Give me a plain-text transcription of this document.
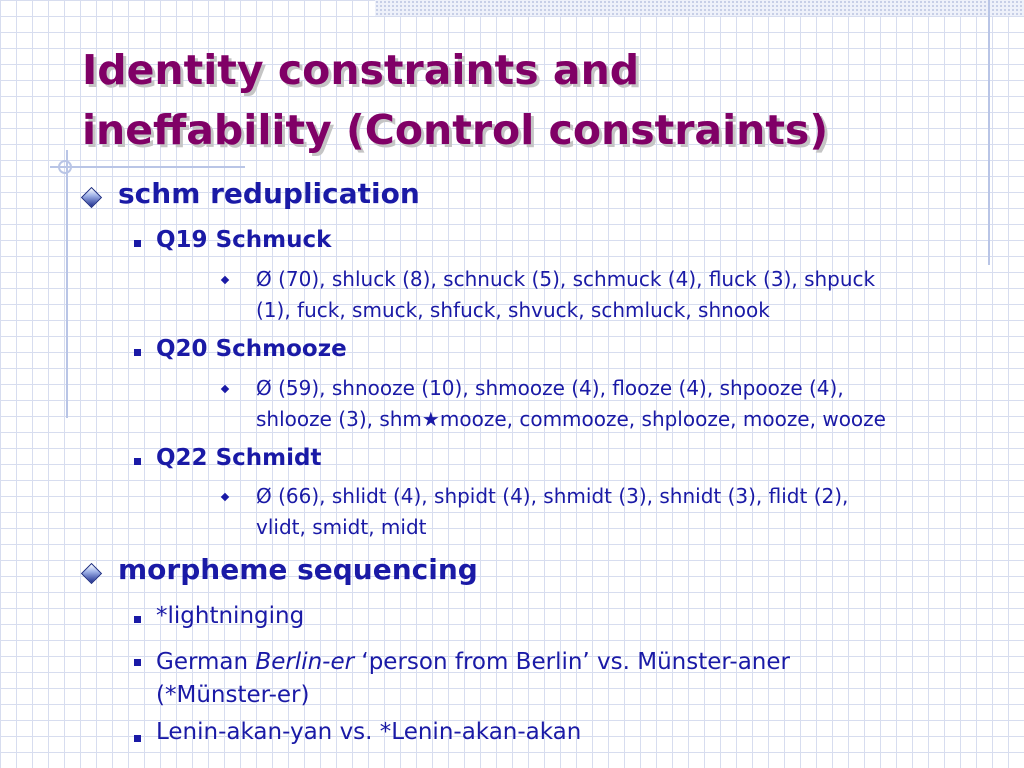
Identity constraints and
ineffability (Control constraints)

schm reduplication

Q19 Schmuck

Ø (70), shluck (8), schnuck (5), schmuck (4), fluck (3), shpuck
(1), fuck, smuck, shfuck, shvuck, schmluck, shnook

Q20 Schmooze

Ø (59), shnooze (10), shmooze (4), flooze (4), shpooze (4),
shlooze (3), shm★mooze, commooze, shplooze, mooze, wooze

Q22 Schmidt

Ø (66), shlidt (4), shpidt (4), shmidt (3), shnidt (3), flidt (2),
vlidt, smidt, midt

morpheme sequencing

*lightninging

German Berlin-er ‘person from Berlin’ vs. Münster-aner
(*Münster-er)

Lenin-akan-yan vs. *Lenin-akan-akan
